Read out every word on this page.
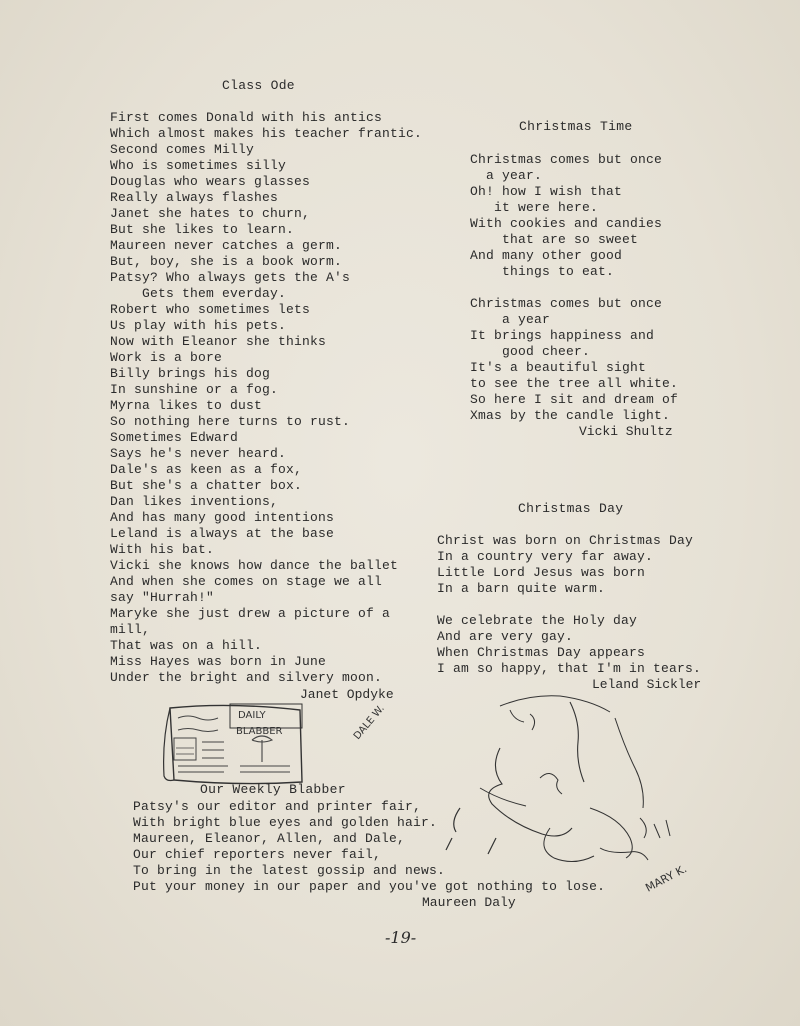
Class Ode
First comes Donald with his antics
Which almost makes his teacher frantic.
Second comes Milly
Who is sometimes silly
Douglas who wears glasses
Really always flashes
Janet she hates to churn,
But she likes to learn.
Maureen never catches a germ.
But, boy, she is a book worm.
Patsy? Who always gets the A's
Gets them everday.
Robert who sometimes lets
Us play with his pets.
Now with Eleanor she thinks
Work is a bore
Billy brings his dog
In sunshine or a fog.
Myrna likes to dust
So nothing here turns to rust.
Sometimes Edward
Says he's never heard.
Dale's as keen as a fox,
But she's a chatter box.
Dan likes inventions,
And has many good intentions
Leland is always at the base
With his bat.
Vicki she knows how dance the ballet
And when she comes on stage we all
say "Hurrah!"
Maryke she just drew a picture of a
mill,
That was on a hill.
Miss Hayes was born in June
Under the bright and silvery moon.
Janet Opdyke
Christmas Time
Christmas comes but once
a year.
Oh! how I wish that
it were here.
With cookies and candies
that are so sweet
And many other good
things to eat.
Christmas comes but once
a year
It brings happiness and
good cheer.
It's a beautiful sight
to see the tree all white.
So here I sit and dream of
Xmas by the candle light.
Vicki Shultz
Christmas Day
Christ was born on Christmas Day
In a country very far away.
Little Lord Jesus was born
In a barn quite warm.
We celebrate the Holy day
And are very gay.
When Christmas Day appears
I am so happy, that I'm in tears.
Leland Sickler
DAILY
BLABBER	DALE W.
MARY K.
Our Weekly Blabber
Patsy's our editor and printer fair,
With bright blue eyes and golden hair.
Maureen, Eleanor, Allen, and Dale,
Our chief reporters never fail,
To bring in the latest gossip and news.
Put your money in our paper and you've got nothing to lose.
Maureen Daly
-19-
